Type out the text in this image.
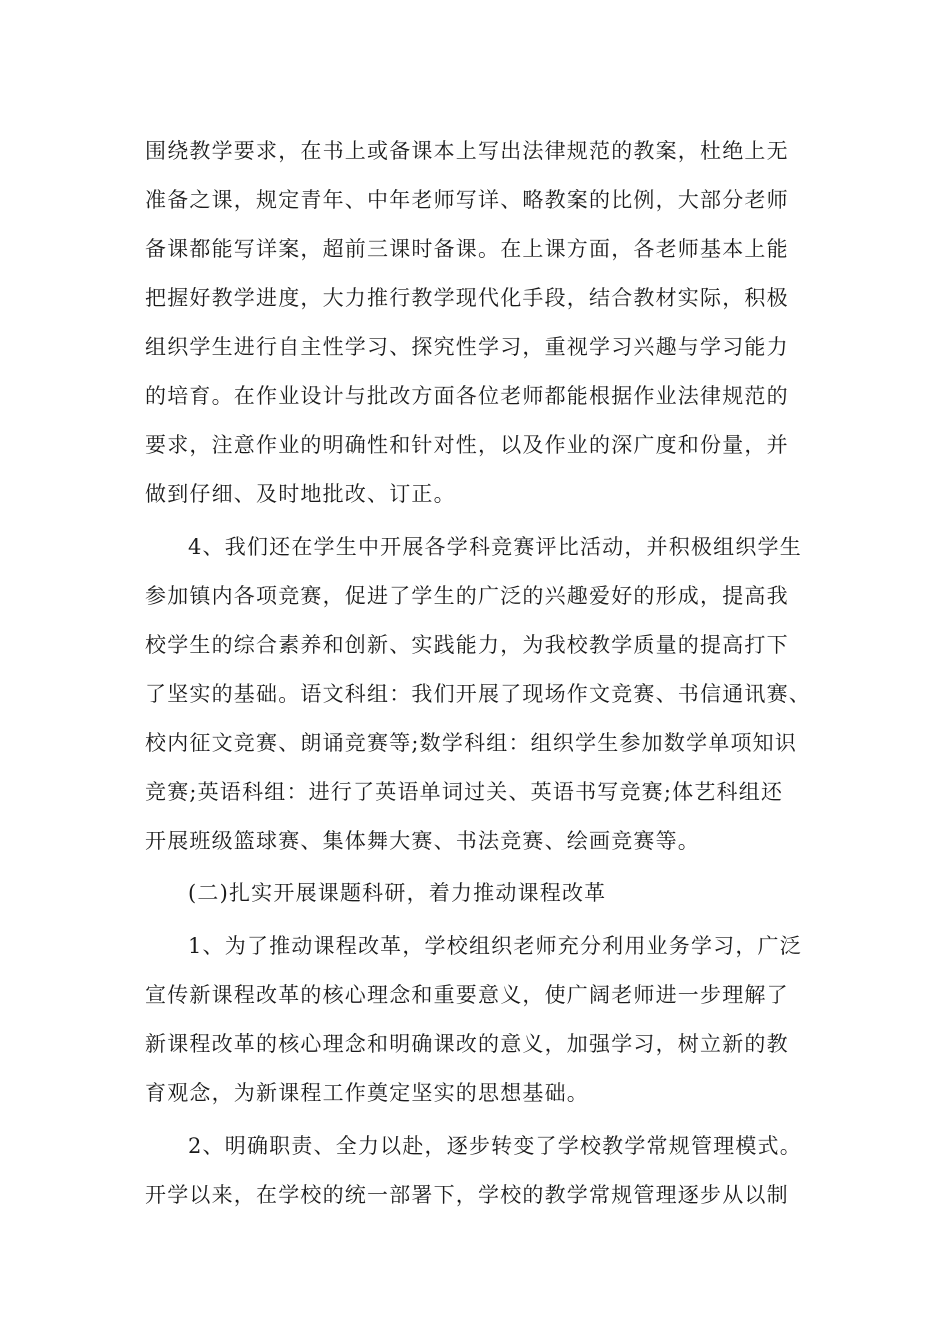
围绕教学要求，在书上或备课本上写出法律规范的教案，杜绝上无
准备之课，规定青年、中年老师写详、略教案的比例，大部分老师
备课都能写详案，超前三课时备课。在上课方面，各老师基本上能
把握好教学进度，大力推行教学现代化手段，结合教材实际，积极
组织学生进行自主性学习、探究性学习，重视学习兴趣与学习能力
的培育。在作业设计与批改方面各位老师都能根据作业法律规范的
要求，注意作业的明确性和针对性，以及作业的深广度和份量，并
做到仔细、及时地批改、订正。
4、我们还在学生中开展各学科竞赛评比活动，并积极组织学生
参加镇内各项竞赛，促进了学生的广泛的兴趣爱好的形成，提高我
校学生的综合素养和创新、实践能力，为我校教学质量的提高打下
了坚实的基础。语文科组：我们开展了现场作文竞赛、书信通讯赛、
校内征文竞赛、朗诵竞赛等;数学科组：组织学生参加数学单项知识
竞赛;英语科组：进行了英语单词过关、英语书写竞赛;体艺科组还
开展班级篮球赛、集体舞大赛、书法竞赛、绘画竞赛等。
(二)扎实开展课题科研，着力推动课程改革
1、为了推动课程改革，学校组织老师充分利用业务学习，广泛
宣传新课程改革的核心理念和重要意义，使广阔老师进一步理解了
新课程改革的核心理念和明确课改的意义，加强学习，树立新的教
育观念，为新课程工作奠定坚实的思想基础。
2、明确职责、全力以赴，逐步转变了学校教学常规管理模式。
开学以来，在学校的统一部署下，学校的教学常规管理逐步从以制
